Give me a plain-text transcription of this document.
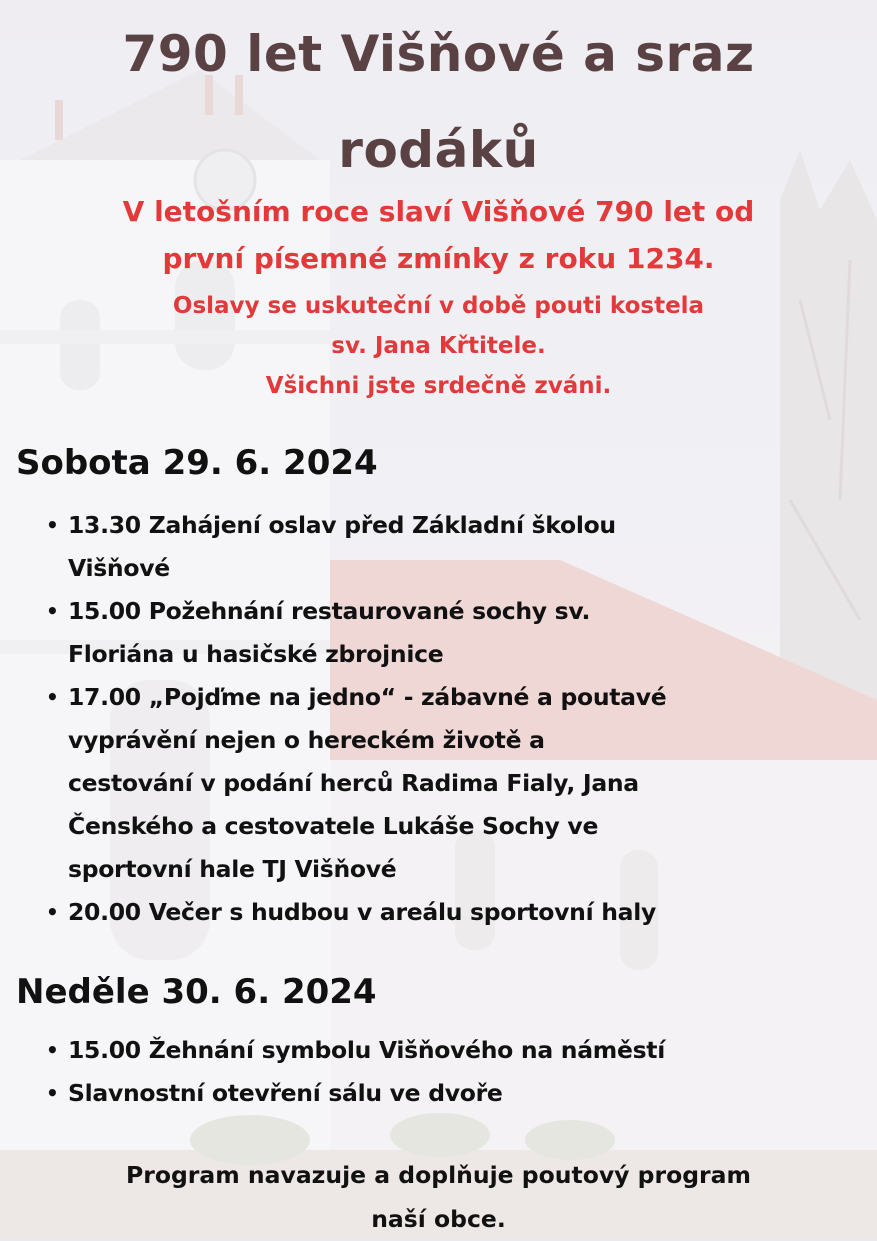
790 let Višňové a sraz
rodáků

V letošním roce slaví Višňové 790 let od
první písemné zmínky z roku 1234.

Oslavy se uskuteční v době pouti kostela
sv. Jana Křtitele.
Všichni jste srdečně zváni.

Sobota 29. 6. 2024
• 13.30 Zahájení oslav před Základní školou
Višňové
• 15.00 Požehnání restaurované sochy sv.
Floriána u hasičské zbrojnice
• 17.00 „Pojďme na jedno“ - zábavné a poutavé
vyprávění nejen o hereckém životě a
cestování v podání herců Radima Fialy, Jana
Čenského a cestovatele Lukáše Sochy ve
sportovní hale TJ Višňové
• 20.00 Večer s hudbou v areálu sportovní haly
Neděle 30. 6. 2024
• 15.00 Žehnání symbolu Višňového na náměstí
• Slavnostní otevření sálu ve dvoře

Program navazuje a doplňuje poutový program
naší obce.
